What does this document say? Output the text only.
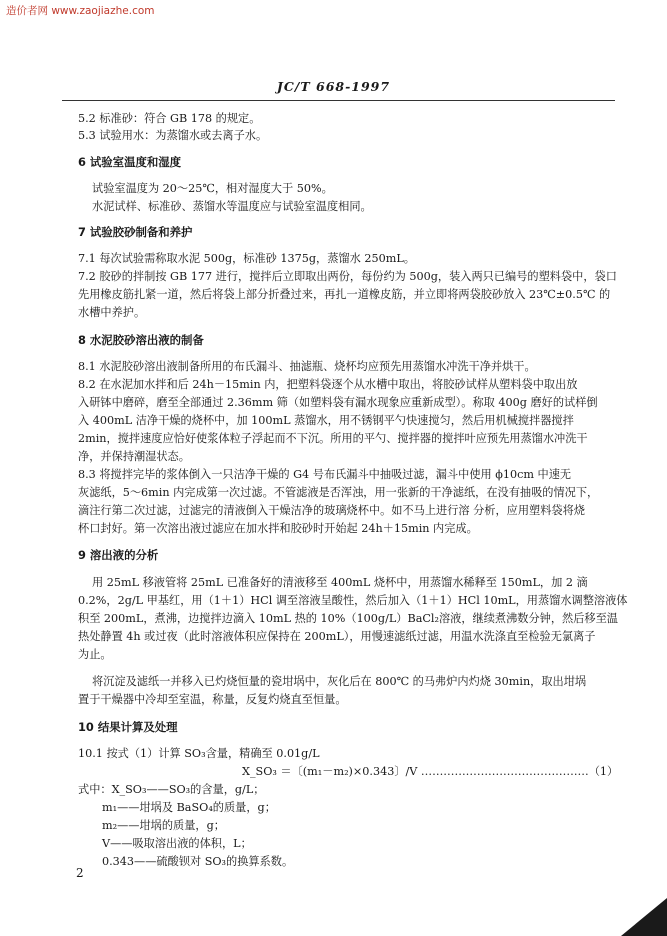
造价者网 www.zaojiazhe.com
JC/T 668-1997
5.2 标准砂：符合 GB 178 的规定。
5.3 试验用水：为蒸馏水或去离子水。
6 试验室温度和湿度
试验室温度为 20～25℃，相对湿度大于 50%。
水泥试样、标准砂、蒸馏水等温度应与试验室温度相同。
7 试验胶砂制备和养护
7.1 每次试验需称取水泥 500g，标准砂 1375g，蒸馏水 250mL。
7.2 胶砂的拌制按 GB 177 进行，搅拌后立即取出两份，每份约为 500g，装入两只已编号的塑料袋中，袋口
先用橡皮筋扎紧一道，然后将袋上部分折叠过来，再扎一道橡皮筋，并立即将两袋胶砂放入 23℃±0.5℃ 的
水槽中养护。
8 水泥胶砂溶出液的制备
8.1 水泥胶砂溶出液制备所用的布氏漏斗、抽滤瓶、烧杯均应预先用蒸馏水冲洗干净并烘干。
8.2 在水泥加水拌和后 24h－15min 内，把塑料袋逐个从水槽中取出，将胶砂试样从塑料袋中取出放
入研钵中磨碎，磨至全部通过 2.36mm 筛（如塑料袋有漏水现象应重新成型）。称取 400g 磨好的试样倒
入 400mL 洁净干燥的烧杯中，加 100mL 蒸馏水，用不锈钢平勺快速搅匀，然后用机械搅拌器搅拌
2min，搅拌速度应恰好使浆体粒子浮起而不下沉。所用的平勺、搅拌器的搅拌叶应预先用蒸馏水冲洗干
净，并保持潮湿状态。
8.3 将搅拌完毕的浆体倒入一只洁净干燥的 G4 号布氏漏斗中抽吸过滤，漏斗中使用 ϕ10cm 中速无
灰滤纸，5～6min 内完成第一次过滤。不管滤液是否浑浊，用一张新的干净滤纸，在没有抽吸的情况下，
滴注行第二次过滤，过滤完的清液倒入干燥洁净的玻璃烧杯中。如不马上进行溶 分析，应用塑料袋将烧
杯口封好。第一次溶出液过滤应在加水拌和胶砂时开始起 24h＋15min 内完成。
9 溶出液的分析
用 25mL 移液管将 25mL 已准备好的清液移至 400mL 烧杯中，用蒸馏水稀释至 150mL，加 2 滴
0.2%，2g/L 甲基红，用（1＋1）HCl 调至溶液呈酸性，然后加入（1＋1）HCl 10mL，用蒸馏水调整溶液体
积至 200mL，煮沸，边搅拌边滴入 10mL 热的 10%（100g/L）BaCl₂溶液，继续煮沸数分钟，然后移至温
热处静置 4h 或过夜（此时溶液体积应保持在 200mL），用慢速滤纸过滤，用温水洗涤直至检验无氯离子
为止。
将沉淀及滤纸一并移入已灼烧恒量的瓷坩埚中，灰化后在 800℃ 的马弗炉内灼烧 30min，取出坩埚
置于干燥器中冷却至室温，称量，反复灼烧直至恒量。
10 结果计算及处理
10.1 按式（1）计算 SO₃含量，精确至 0.01g/L
X_SO₃ ＝〔(m₁－m₂)×0.343〕/V ………………………………………（1）
式中：X_SO₃——SO₃的含量，g/L；
m₁——坩埚及 BaSO₄的质量，g；
m₂——坩埚的质量，g；
V——吸取溶出液的体积，L；
0.343——硫酸钡对 SO₃的换算系数。
2
